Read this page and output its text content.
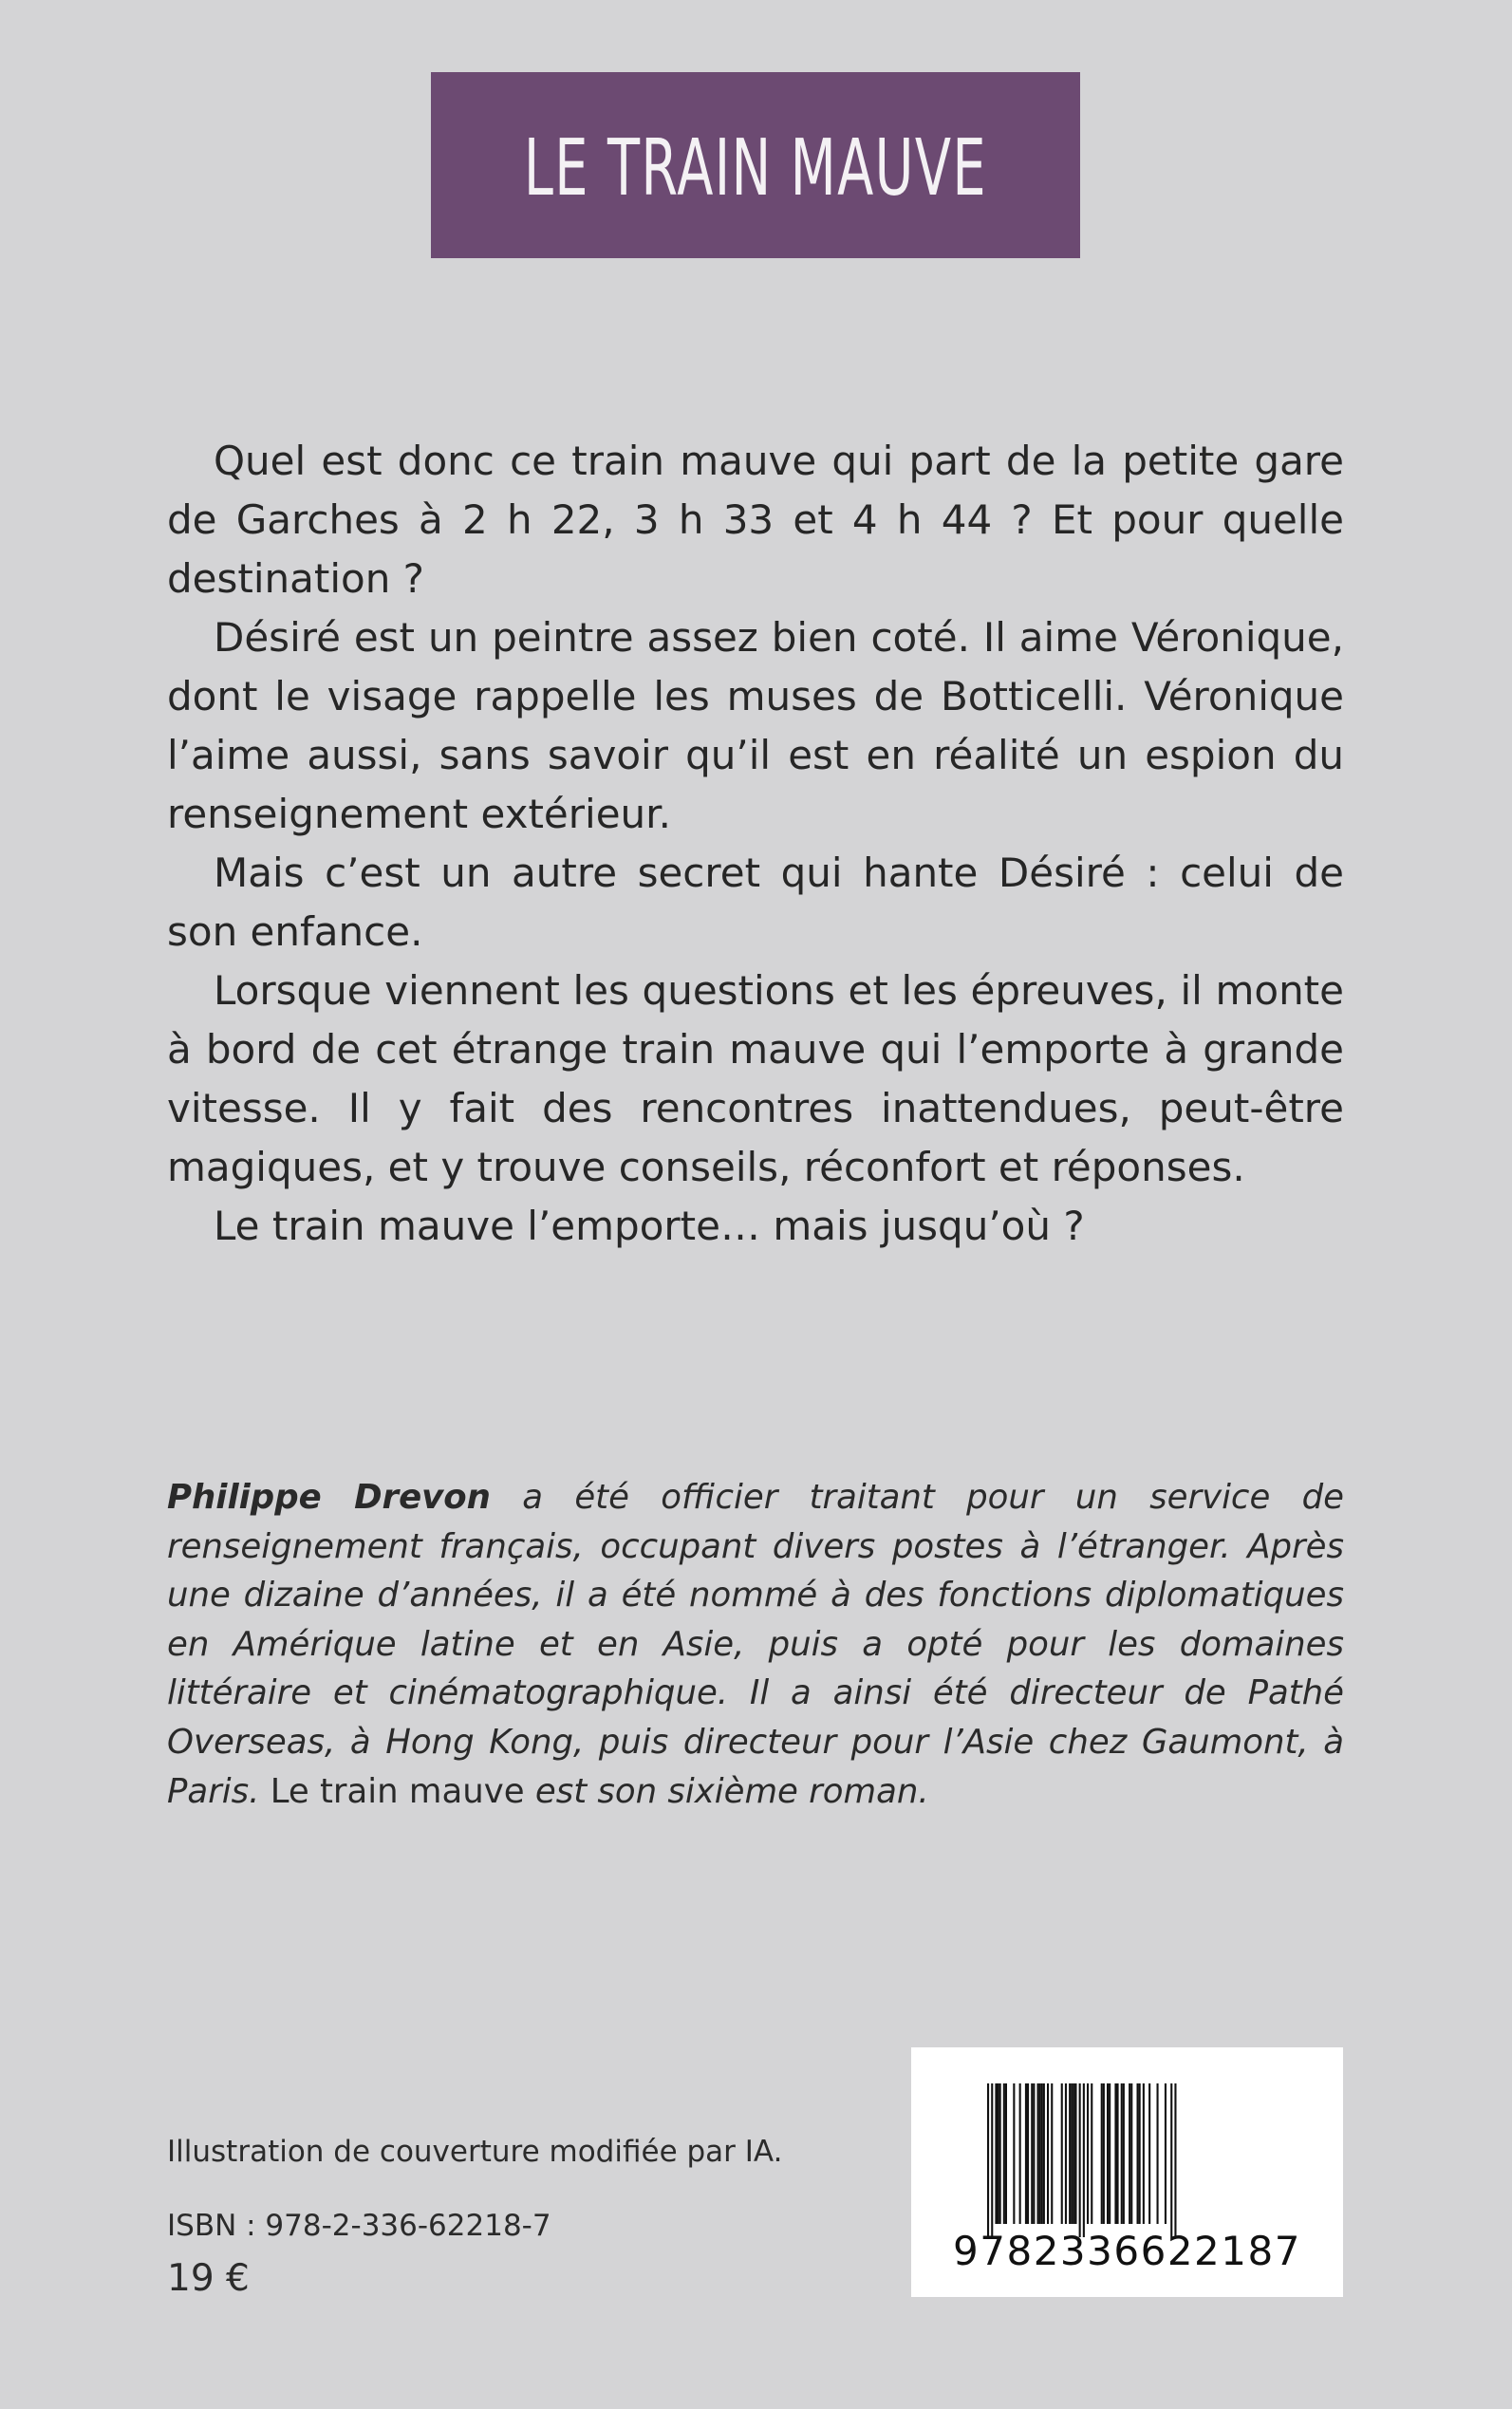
LE TRAIN MAUVE

Quel est donc ce train mauve qui part de la petite gare de Garches à 2 h 22, 3 h 33 et 4 h 44 ? Et pour quelle destination ?

Désiré est un peintre assez bien coté. Il aime Véronique, dont le visage rappelle les muses de Botticelli. Véronique l’aime aussi, sans savoir qu’il est en réalité un espion du renseignement extérieur.

Mais c’est un autre secret qui hante Désiré : celui de son enfance.

Lorsque viennent les questions et les épreuves, il monte à bord de cet étrange train mauve qui l’emporte à grande vitesse. Il y fait des rencontres inattendues, peut-être magiques, et y trouve conseils, réconfort et réponses.

Le train mauve l’emporte… mais jusqu’où ?

Philippe Drevon a été officier traitant pour un service de renseignement français, occupant divers postes à l’étranger. Après une dizaine d’années, il a été nommé à des fonctions diplomatiques en Amérique latine et en Asie, puis a opté pour les domaines littéraire et cinématographique. Il a ainsi été directeur de Pathé Overseas, à Hong Kong, puis directeur pour l’Asie chez Gaumont, à Paris. Le train mauve est son sixième roman.
Illustration de couverture modifiée par IA.
ISBN : 978-2-336-62218-7
19 €
9782336622187
